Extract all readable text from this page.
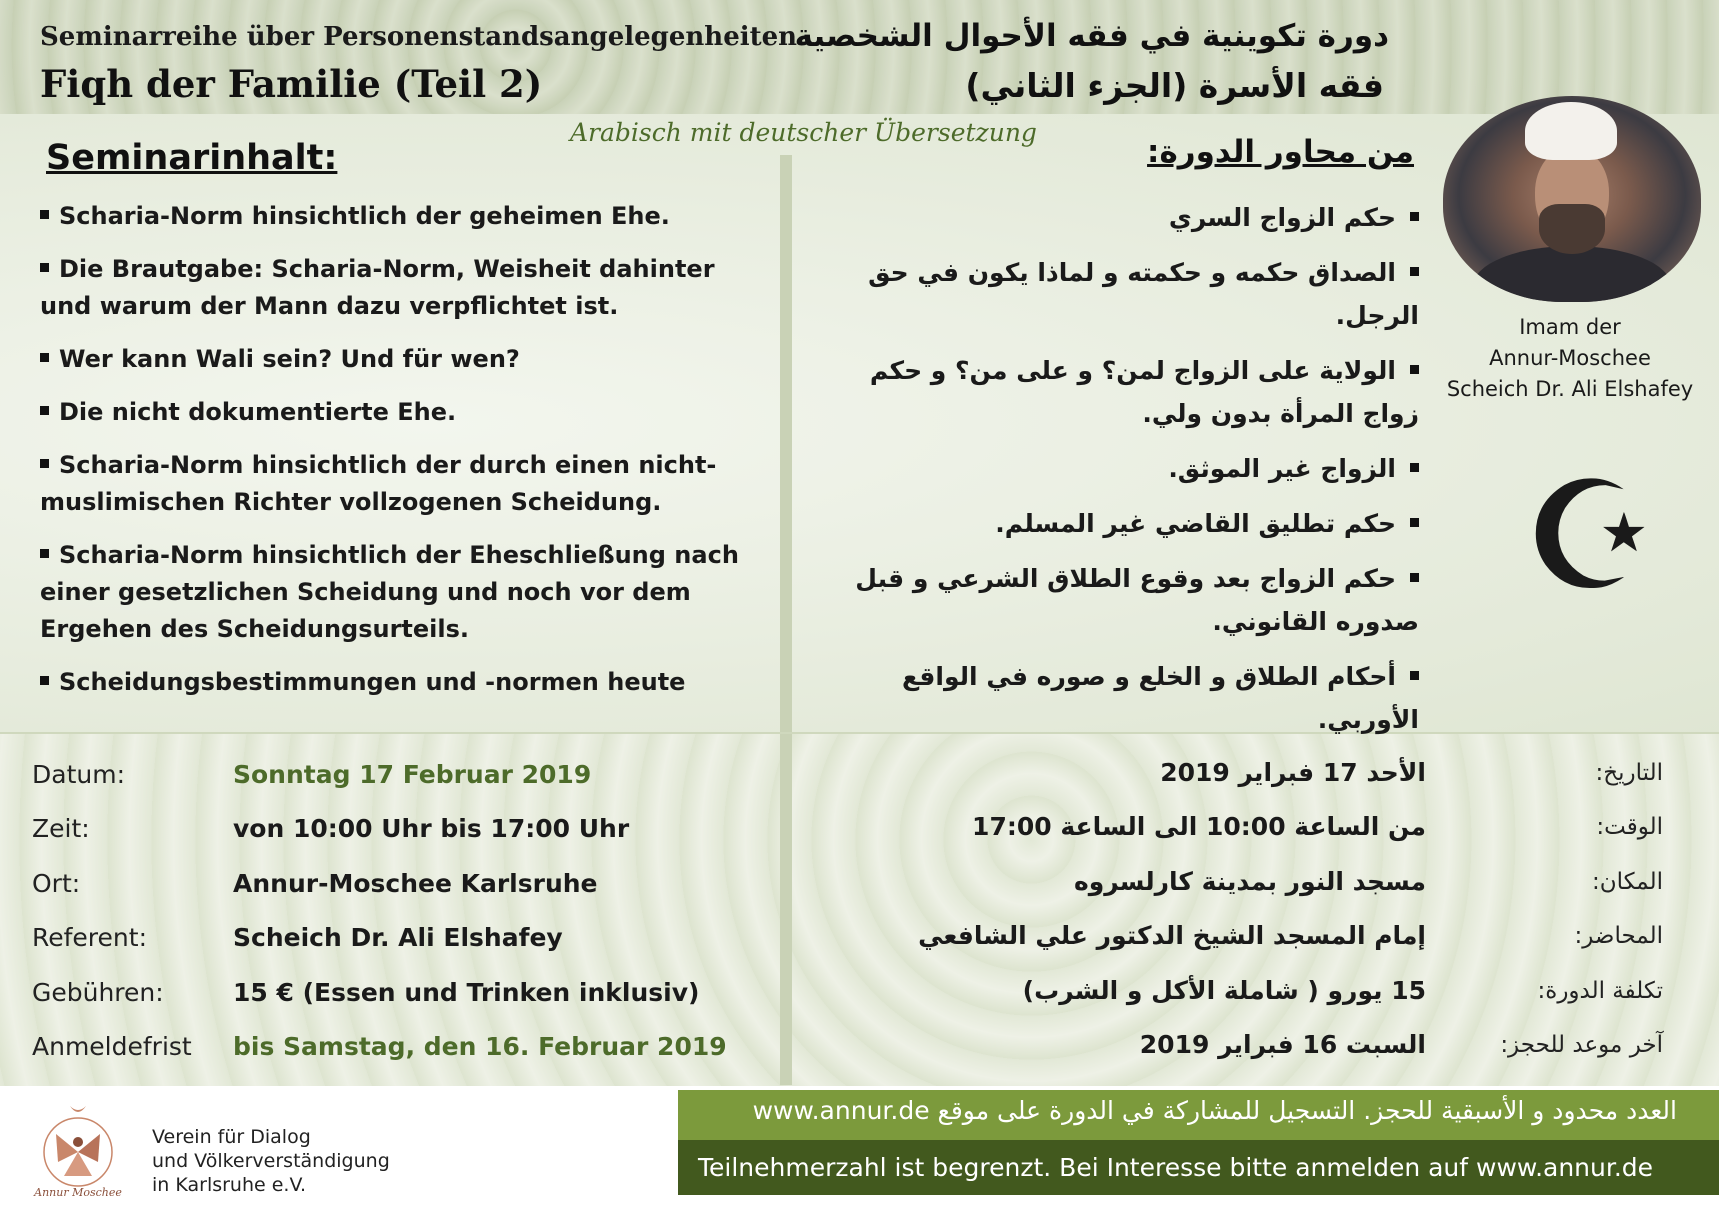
Seminarreihe über Personenstandsangelegenheiten
Fiqh der Familie (Teil 2)
دورة تكوينية في فقه الأحوال الشخصية
فقه الأسرة (الجزء الثاني)
Arabisch mit deutscher Übersetzung
Imam der
Annur-Moschee
Scheich Dr. Ali Elshafey
☪
Seminarinhalt:
Scharia-Norm hinsichtlich der geheimen Ehe.
Die Brautgabe: Scharia-Norm, Weisheit dahinter und warum der Mann dazu verpflichtet ist.
Wer kann Wali sein? Und für wen?
Die nicht dokumentierte Ehe.
Scharia-Norm hinsichtlich der durch einen nicht-muslimischen Richter vollzogenen Scheidung.
Scharia-Norm hinsichtlich der Eheschließung nach einer gesetzlichen Scheidung und noch vor dem Ergehen des Scheidungsurteils.
Scheidungsbestimmungen und -normen heute
من محاور الدورة:
حكم الزواج السري
الصداق حكمه و حكمته و لماذا يكون في حق الرجل.
الولاية على الزواج لمن؟ و على من؟ و حكم زواج المرأة بدون ولي.
الزواج غير الموثق.
حكم تطليق القاضي غير المسلم.
حكم الزواج بعد وقوع الطلاق الشرعي و قبل صدوره القانوني.
أحكام الطلاق و الخلع و صوره في الواقع الأوربي.
Datum:	Sonntag 17 Februar 2019
Zeit:	von 10:00 Uhr bis 17:00 Uhr
Ort:	Annur-Moschee Karlsruhe
Referent:	Scheich Dr. Ali Elshafey
Gebühren:	15 € (Essen und Trinken inklusiv)
Anmeldefrist bis Samstag, den 16. Februar 2019
الأحد 17 فبراير 2019	التاريخ:
من الساعة 10:00 الى الساعة 17:00	الوقت:
مسجد النور بمدينة كارلسروه	المكان:
إمام المسجد الشيخ الدكتور علي الشافعي	المحاضر:
15 يورو ( شاملة الأكل و الشرب)	تكلفة الدورة:
السبت 16 فبراير 2019	آخر موعد للحجز:
Annur Moschee
Verein für Dialog
und Völkerverständigung
in Karlsruhe e.V.
العدد محدود و الأسبقية للحجز. التسجيل للمشاركة في الدورة على موقع www.annur.de
Teilnehmerzahl ist begrenzt. Bei Interesse bitte anmelden auf www.annur.de
